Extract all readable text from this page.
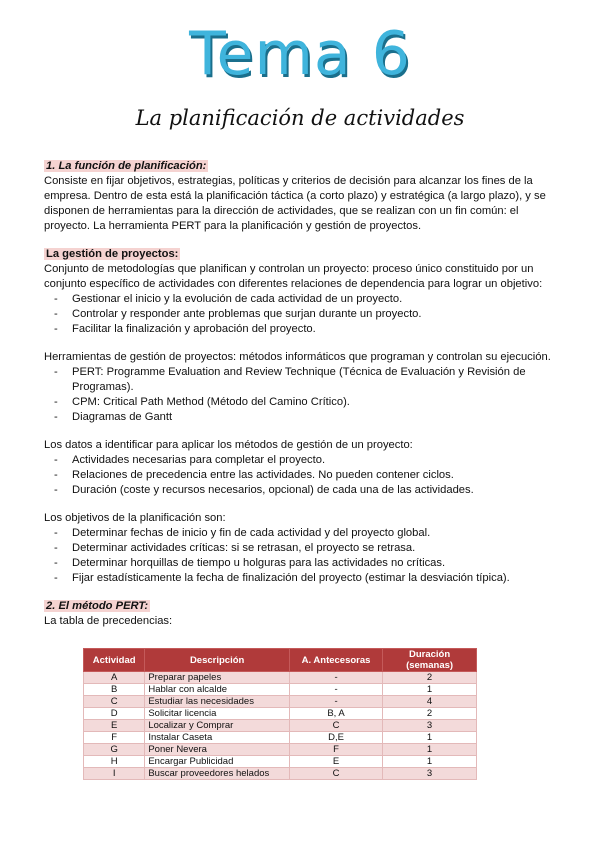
Tema 6
La planificación de actividades

1. La función de planificación:

Consiste en fijar objetivos, estrategias, políticas y criterios de decisión para alcanzar los fines de la empresa. Dentro de esta está la planificación táctica (a corto plazo) y estratégica (a largo plazo), y se disponen de herramientas para la dirección de actividades, que se realizan con un fin común: el proyecto. La herramienta PERT para la planificación y gestión de proyectos.

La gestión de proyectos:

Conjunto de metodologías que planifican y controlan un proyecto: proceso único constituido por un conjunto específico de actividades con diferentes relaciones de dependencia para lograr un objetivo:

- Gestionar el inicio y la evolución de cada actividad de un proyecto.
- Controlar y responder ante problemas que surjan durante un proyecto.
- Facilitar la finalización y aprobación del proyecto.

Herramientas de gestión de proyectos: métodos informáticos que programan y controlan su ejecución.

- PERT: Programme Evaluation and Review Technique (Técnica de Evaluación y Revisión de Programas).
- CPM: Critical Path Method (Método del Camino Crítico).
- Diagramas de Gantt

Los datos a identificar para aplicar los métodos de gestión de un proyecto:

- Actividades necesarias para completar el proyecto.
- Relaciones de precedencia entre las actividades. No pueden contener ciclos.
- Duración (coste y recursos necesarios, opcional) de cada una de las actividades.

Los objetivos de la planificación son:

- Determinar fechas de inicio y fin de cada actividad y del proyecto global.
- Determinar actividades críticas: si se retrasan, el proyecto se retrasa.
- Determinar horquillas de tiempo u holguras para las actividades no críticas.
- Fijar estadísticamente la fecha de finalización del proyecto (estimar la desviación típica).

2. El método PERT:

La tabla de precedencias:

Actividad	Descripción	A. Antecesoras	Duración (semanas)
A	Preparar papeles	-	2
B	Hablar con alcalde	-	1
C	Estudiar las necesidades	-	4
D	Solicitar licencia	B, A	2
E	Localizar y Comprar	C	3
F	Instalar Caseta	D,E	1
G	Poner Nevera	F	1
H	Encargar Publicidad	E	1
I	Buscar proveedores helados	C	3
